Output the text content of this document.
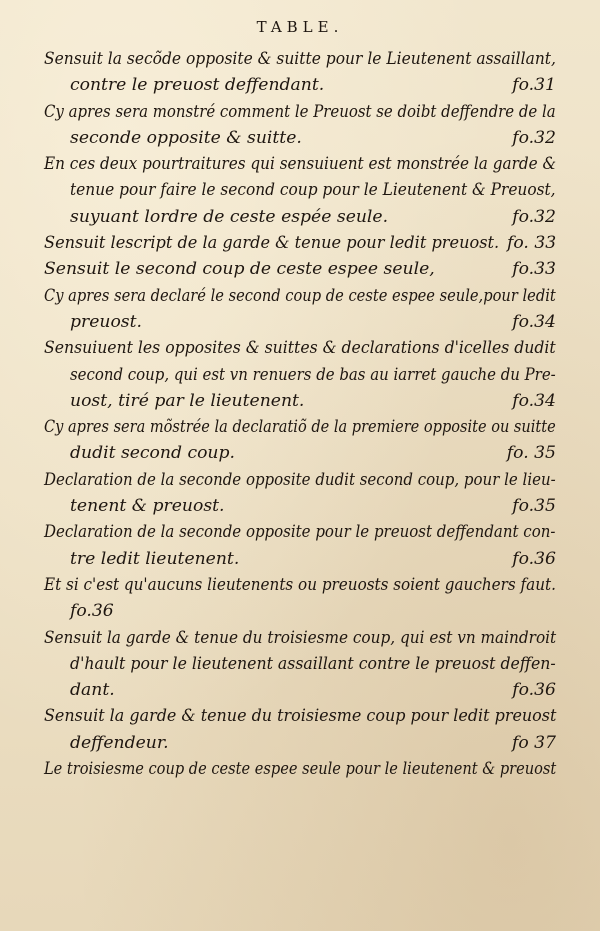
TABLE.
Sensuit la secõde opposite & suitte pour le Lieutenent assaillant,
contre le preuost deffendant.	fo.31
Cy apres sera monstré comment le Preuost se doibt deffendre de la
seconde opposite & suitte.	fo.32
En ces deux pourtraitures qui sensuiuent est monstrée la garde &
tenue pour faire le second coup pour le Lieutenent & Preuost,
suyuant lordre de ceste espée seule.	fo.32
Sensuit lescript de la garde & tenue pour ledit preuost. fo. 33
Sensuit le second coup de ceste espee seule,	fo.33
Cy apres sera declaré le second coup de ceste espee seule,pour ledit
preuost.	fo.34
Sensuiuent les opposites & suittes & declarations d'icelles dudit
second coup, qui est vn renuers de bas au iarret gauche du Pre-
uost, tiré par le lieutenent.	fo.34
Cy apres sera mõstrée la declaratiõ de la premiere opposite ou suitte
dudit second coup.	fo. 35
Declaration de la seconde opposite dudit second coup, pour le lieu-
tenent & preuost.	fo.35
Declaration de la seconde opposite pour le preuost deffendant con-
tre ledit lieutenent.	fo.36
Et si c'est qu'aucuns lieutenents ou preuosts soient gauchers faut.
fo.36
Sensuit la garde & tenue du troisiesme coup, qui est vn maindroit
d'hault pour le lieutenent assaillant contre le preuost deffen-
dant.	fo.36
Sensuit la garde & tenue du troisiesme coup pour ledit preuost
deffendeur.	fo 37
Le troisiesme coup de ceste espee seule pour le lieutenent & preuost
